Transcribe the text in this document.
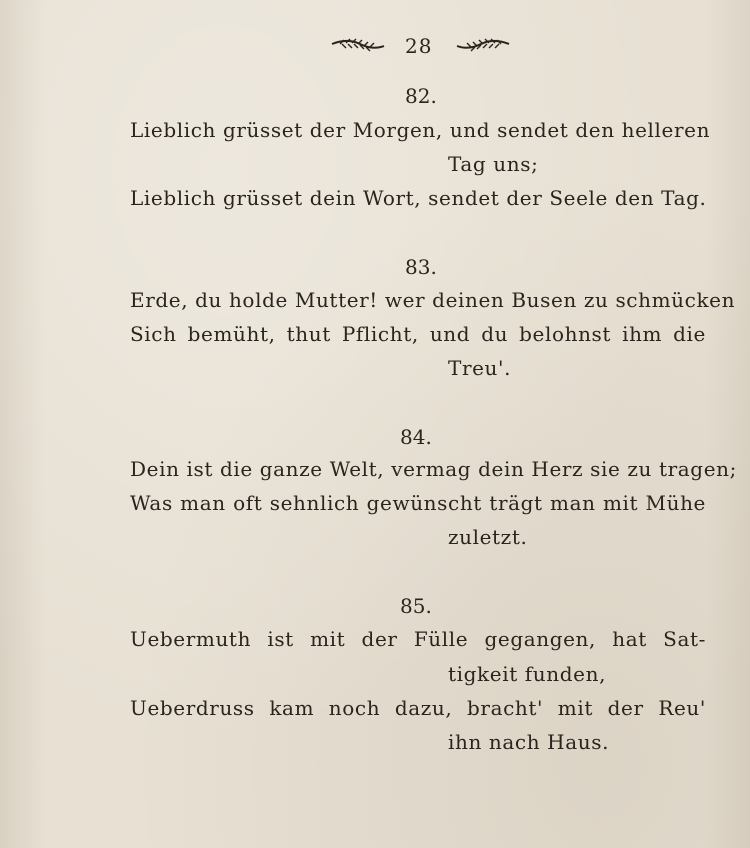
28
82.
Lieblich grüsset der Morgen, und sendet den helleren
Tag uns;
Lieblich grüsset dein Wort, sendet der Seele den Tag.
83.
Erde, du holde Mutter! wer deinen Busen zu schmücken
Sich bemüht, thut Pflicht, und du belohnst ihm die
Treu'.
84.
Dein ist die ganze Welt, vermag dein Herz sie zu tragen;
Was man oft sehnlich gewünscht trägt man mit Mühe
zuletzt.
85.
Uebermuth ist mit der Fülle gegangen, hat Sat-
tigkeit funden,
Ueberdruss kam noch dazu, bracht' mit der Reu'
ihn nach Haus.
